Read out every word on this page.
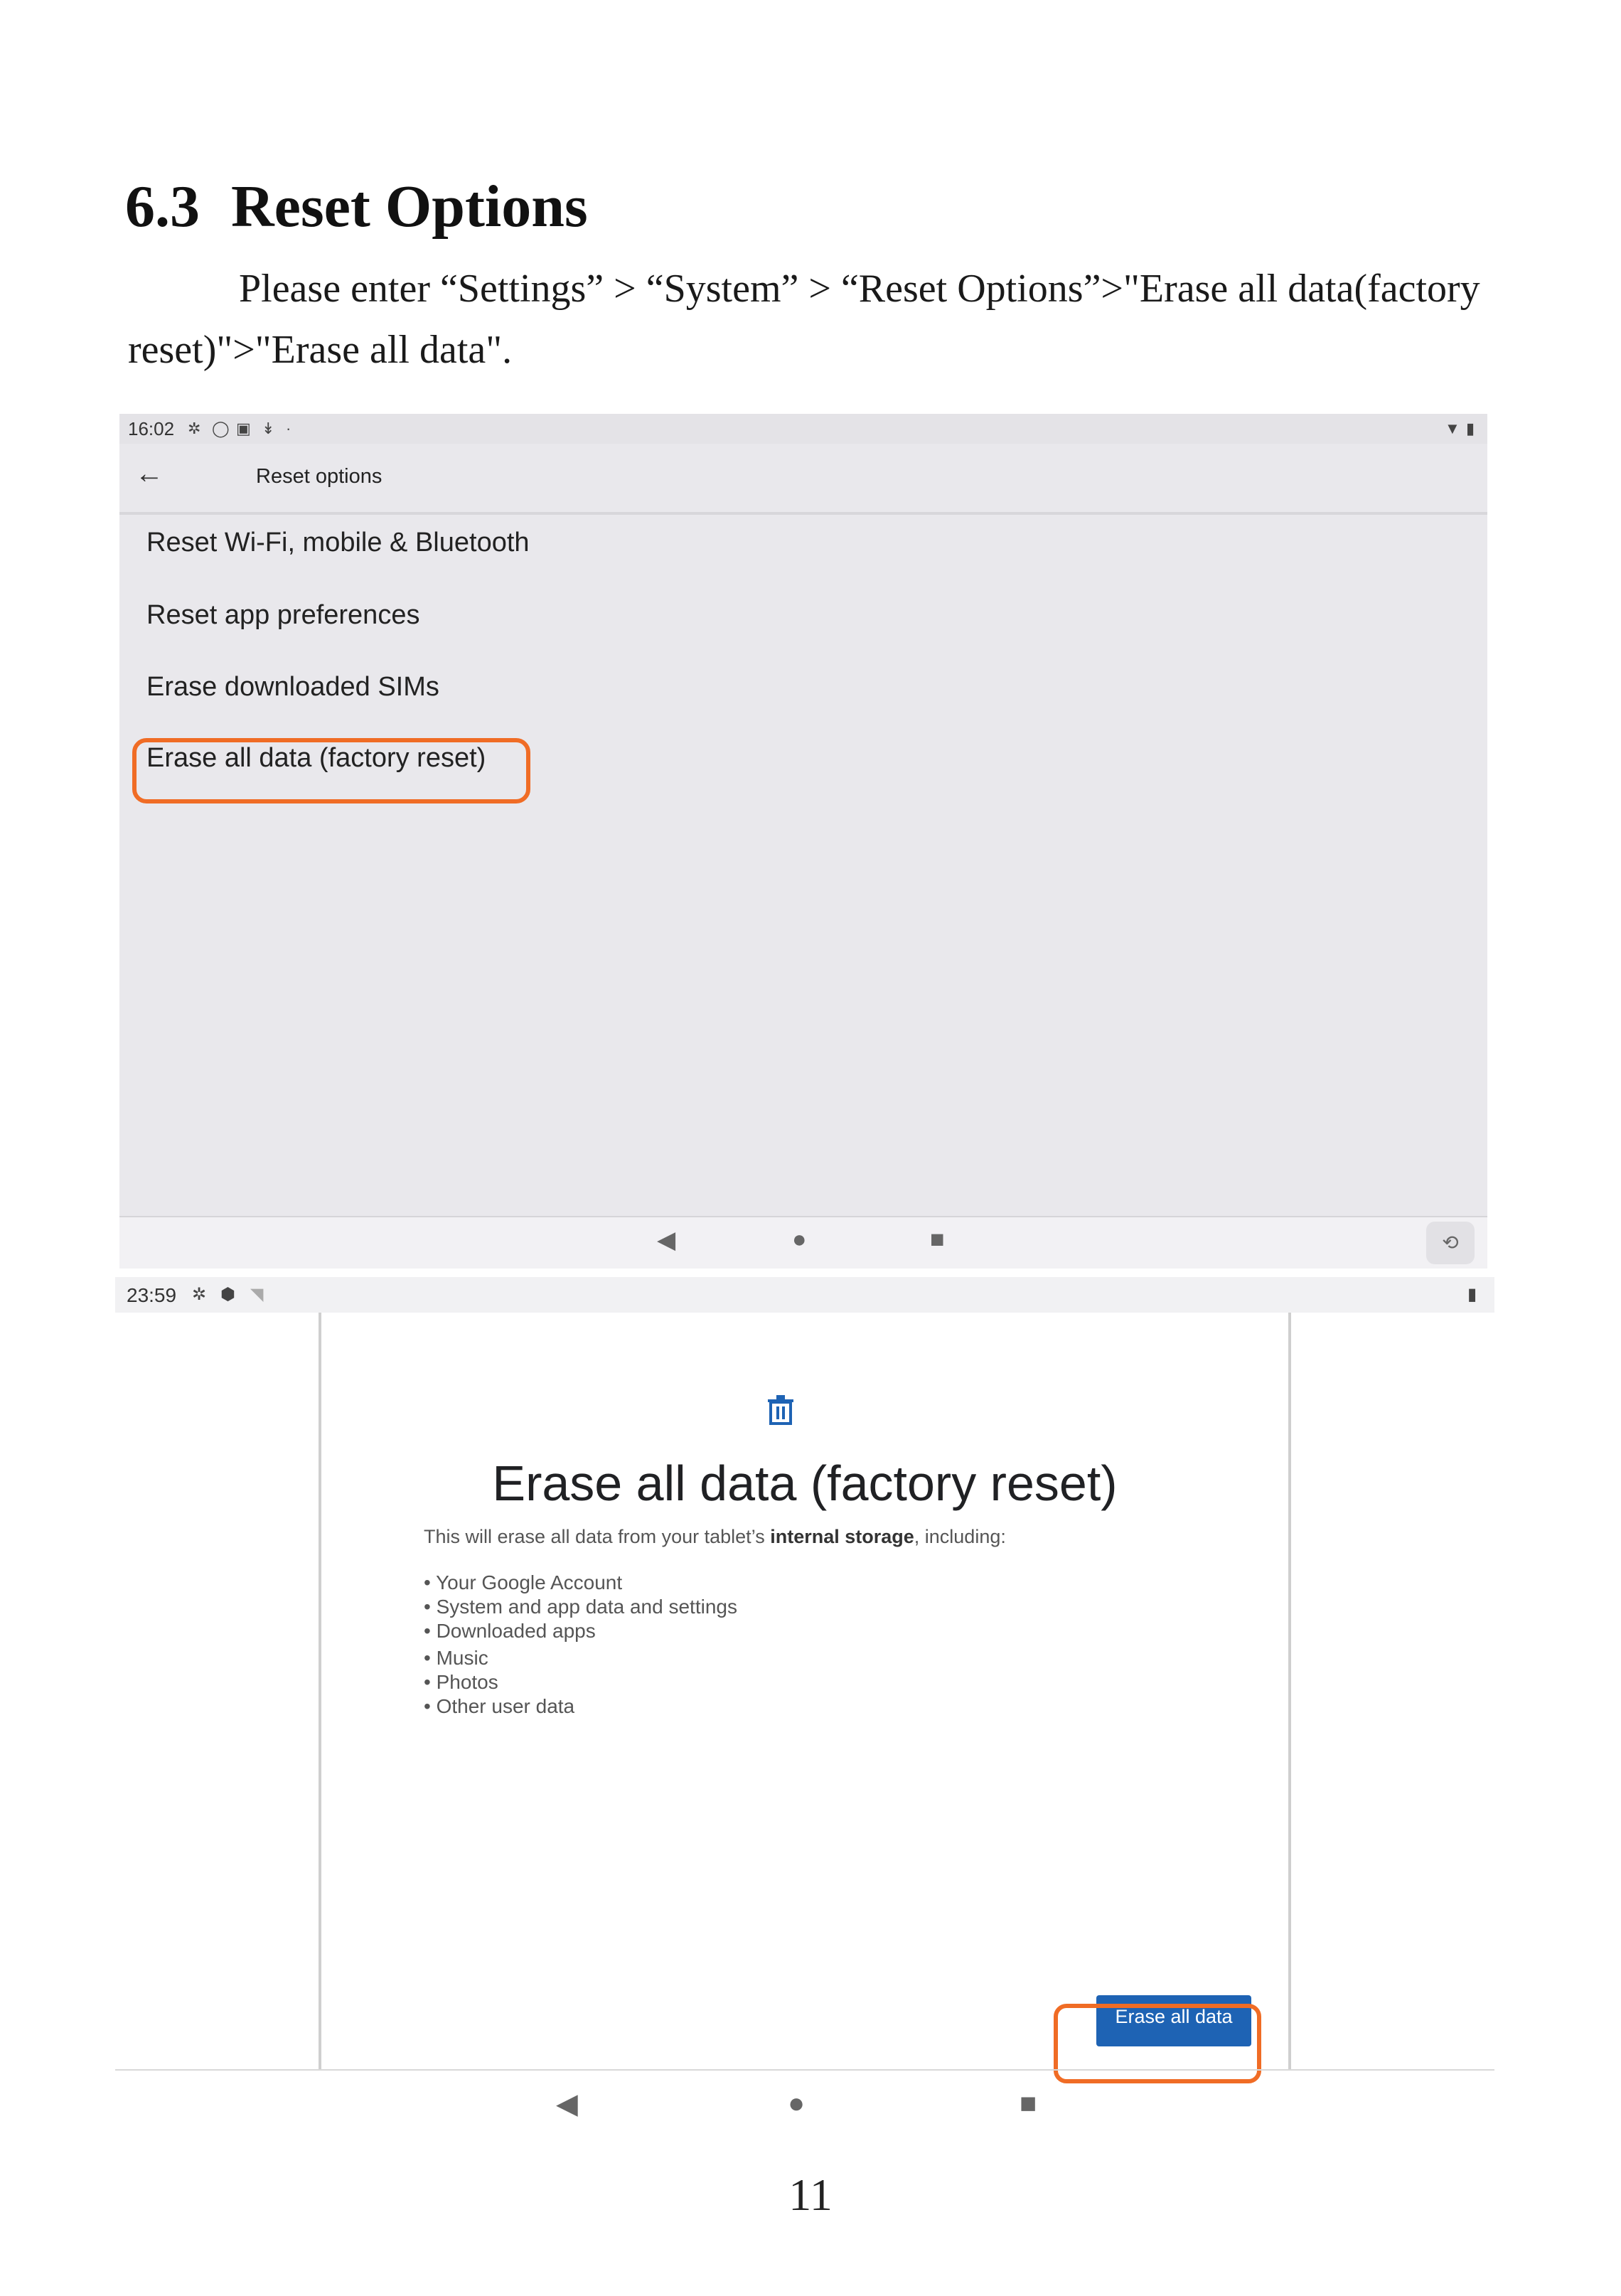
6.3 Reset Options
Please enter “Settings” > “System” > “Reset Options”>"Erase all data(factory
reset)">"Erase all data".
16:02 ✲ ◯ ▣ ↡ ·	▼ ▮
←	Reset options
Reset Wi-Fi, mobile & Bluetooth
Reset app preferences
Erase downloaded SIMs
Erase all data (factory reset)
◀	●	■	⟲
23:59 ✲ ⬢ ◥	▮
Erase all data (factory reset)
This will erase all data from your tablet’s internal storage, including:
• Your Google Account
• System and app data and settings
• Downloaded apps
• Music
• Photos
• Other user data
Erase all data
◀	●	■
11
